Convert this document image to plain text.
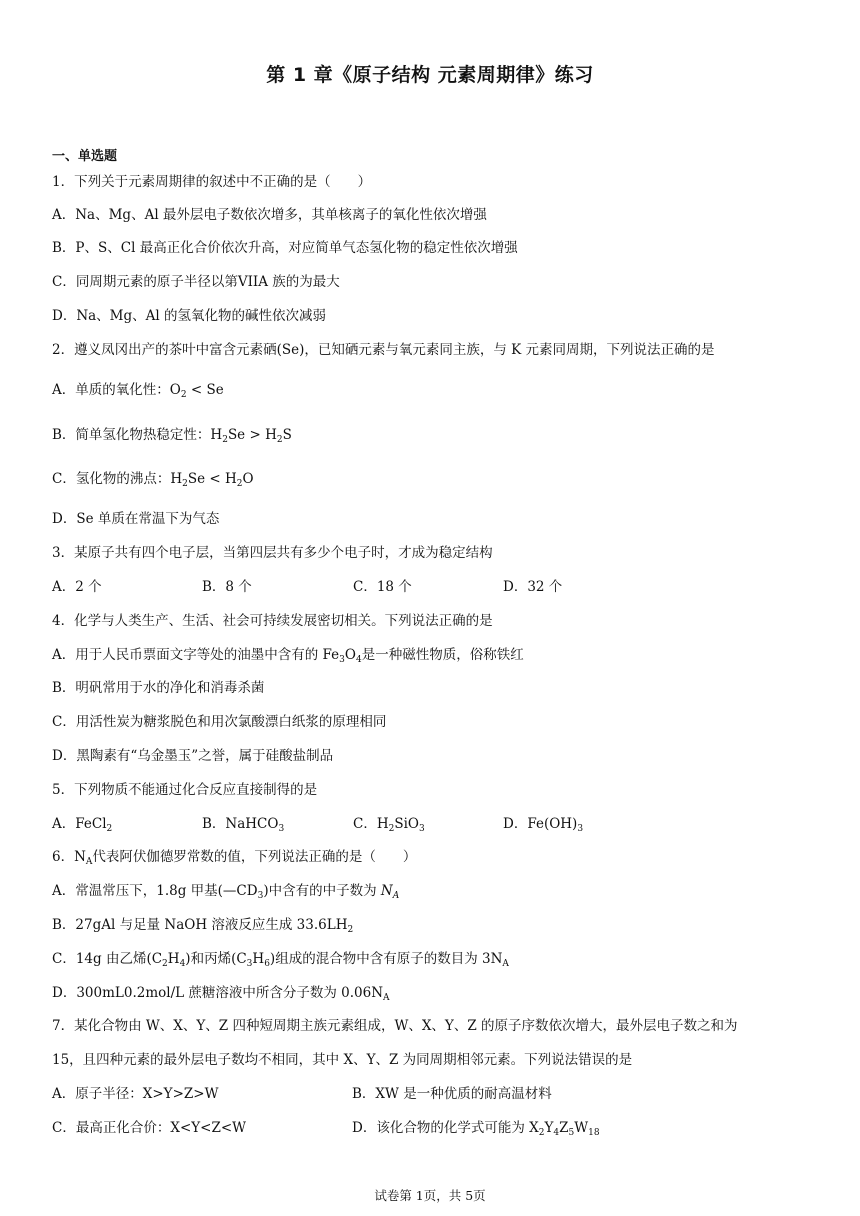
第 1 章《原子结构 元素周期律》练习
一、单选题
1．下列关于元素周期律的叙述中不正确的是（　　）
A．Na、Mg、Al 最外层电子数依次增多，其单核离子的氧化性依次增强
B．P、S、Cl 最高正化合价依次升高，对应简单气态氢化物的稳定性依次增强
C．同周期元素的原子半径以第VIIA 族的为最大
D．Na、Mg、Al 的氢氧化物的碱性依次减弱
2．遵义凤冈出产的茶叶中富含元素硒(Se)，已知硒元素与氧元素同主族，与 K 元素同周期，下列说法正确的是
A．单质的氧化性：$O_2 < Se$
B．简单氢化物热稳定性：$H_2Se > H_2S$
C．氢化物的沸点：$H_2Se < H_2O$
D．Se 单质在常温下为气态
3．某原子共有四个电子层，当第四层共有多少个电子时，才成为稳定结构
A．2 个	B．8 个	C．18 个	D．32 个
4．化学与人类生产、生活、社会可持续发展密切相关。下列说法正确的是
A．用于人民币票面文字等处的油墨中含有的 $Fe_3O_4$是一种磁性物质，俗称铁红
B．明矾常用于水的净化和消毒杀菌
C．用活性炭为糖浆脱色和用次氯酸漂白纸浆的原理相同
D．黑陶素有“乌金墨玉”之誉，属于硅酸盐制品
5．下列物质不能通过化合反应直接制得的是
A．FeCl$_2$	B．NaHCO$_3$	C．$H_2SiO_3$	D．$Fe(OH)_3$
6．$N_A$代表阿伏伽德罗常数的值，下列说法正确的是（　　）
A．常温常压下，1.8g 甲基$(—CD_3)$中含有的中子数为 $N_A$
B．27gAl 与足量 NaOH 溶液反应生成 $33.6LH_2$
C．14g 由乙烯$(C_2H_4)$和丙烯$(C_3H_6)$组成的混合物中含有原子的数目为 $3N_A$
D．300mL0.2mol/L 蔗糖溶液中所含分子数为 $0.06N_A$
7．某化合物由 W、X、Y、Z 四种短周期主族元素组成，W、X、Y、Z 的原子序数依次增大，最外层电子数之和为
15，且四种元素的最外层电子数均不相同，其中 X、Y、Z 为同周期相邻元素。下列说法错误的是
A．原子半径：X>Y>Z>W	B．XW 是一种优质的耐高温材料
C．最高正化合价：X<Y<Z<W	D．该化合物的化学式可能为 $X_2Y_4Z_5W_{18}$
试卷第 1页，共 5页
